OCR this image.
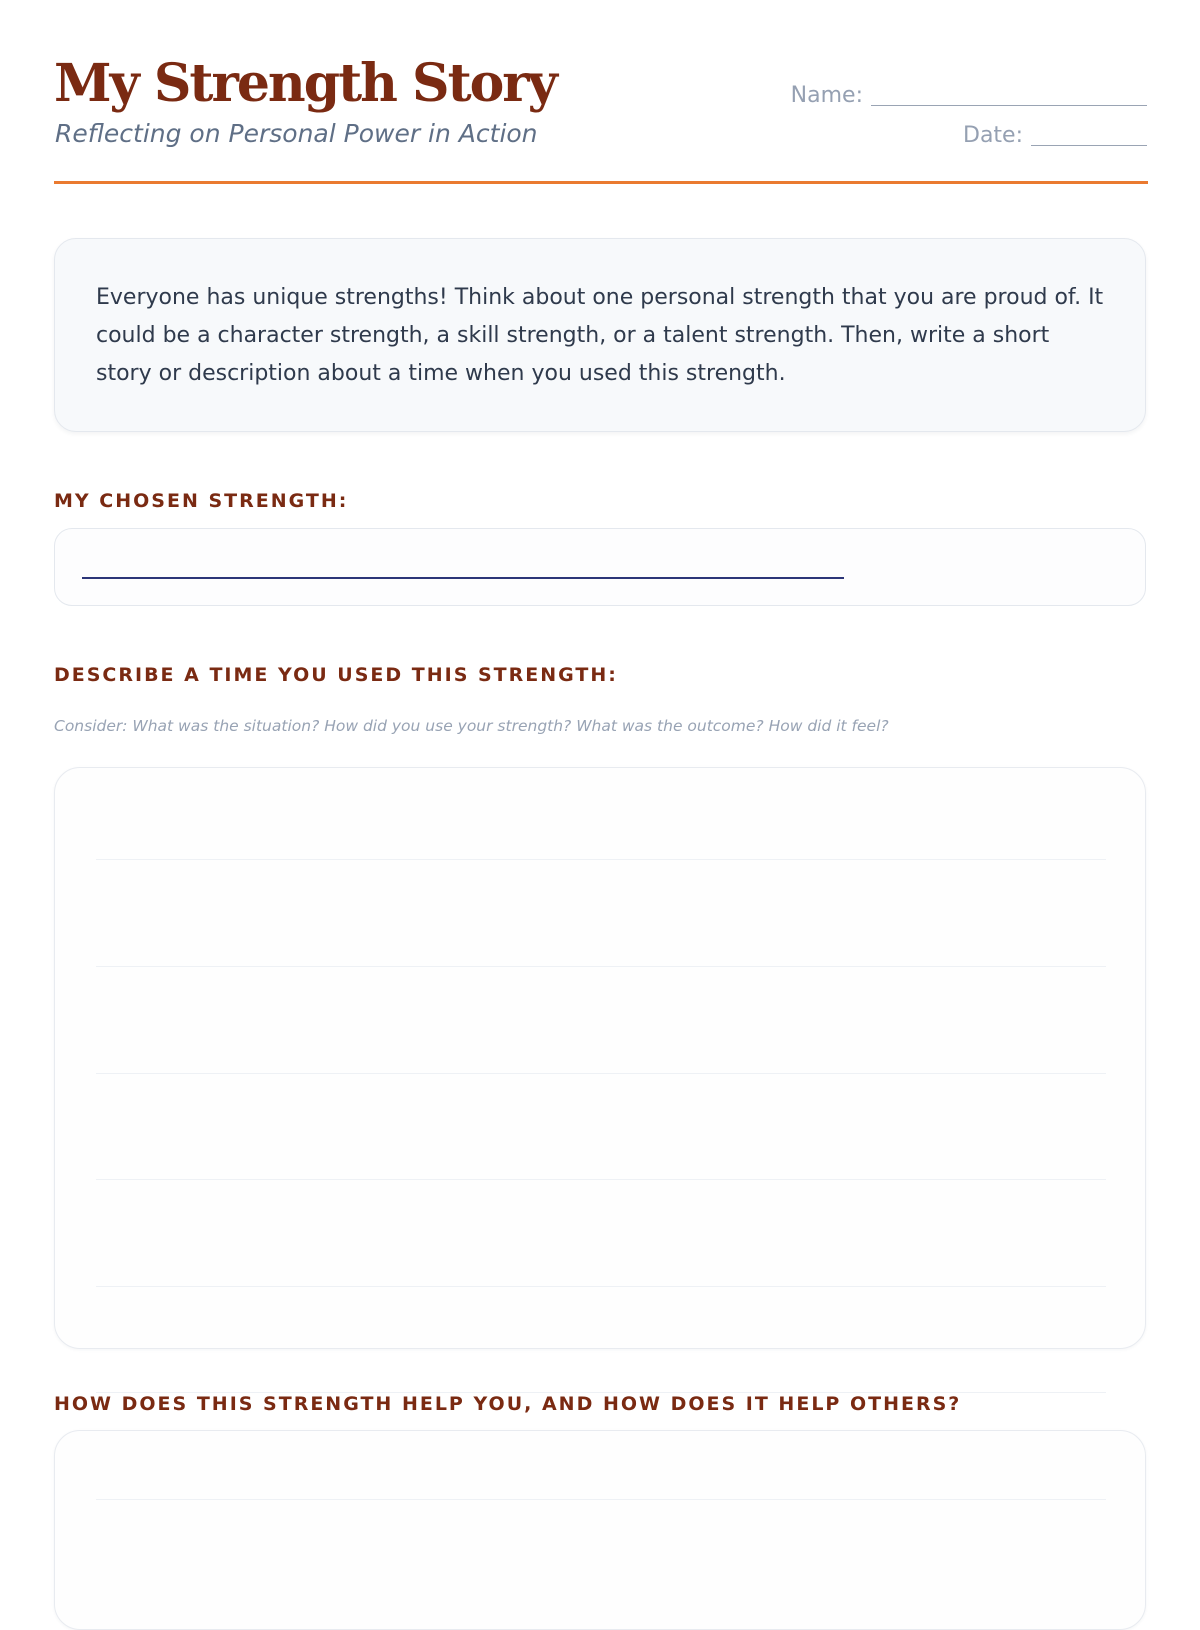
My Strength Story
Reflecting on Personal Power in Action
Name:
Date:

Everyone has unique strengths! Think about one personal strength that you are proud of. It could be a character strength, a skill strength, or a talent strength. Then, write a short story or description about a time when you used this strength.

MY CHOSEN STRENGTH:
DESCRIBE A TIME YOU USED THIS STRENGTH:
Consider: What was the situation? How did you use your strength? What was the outcome? How did it feel?
HOW DOES THIS STRENGTH HELP YOU, AND HOW DOES IT HELP OTHERS?
